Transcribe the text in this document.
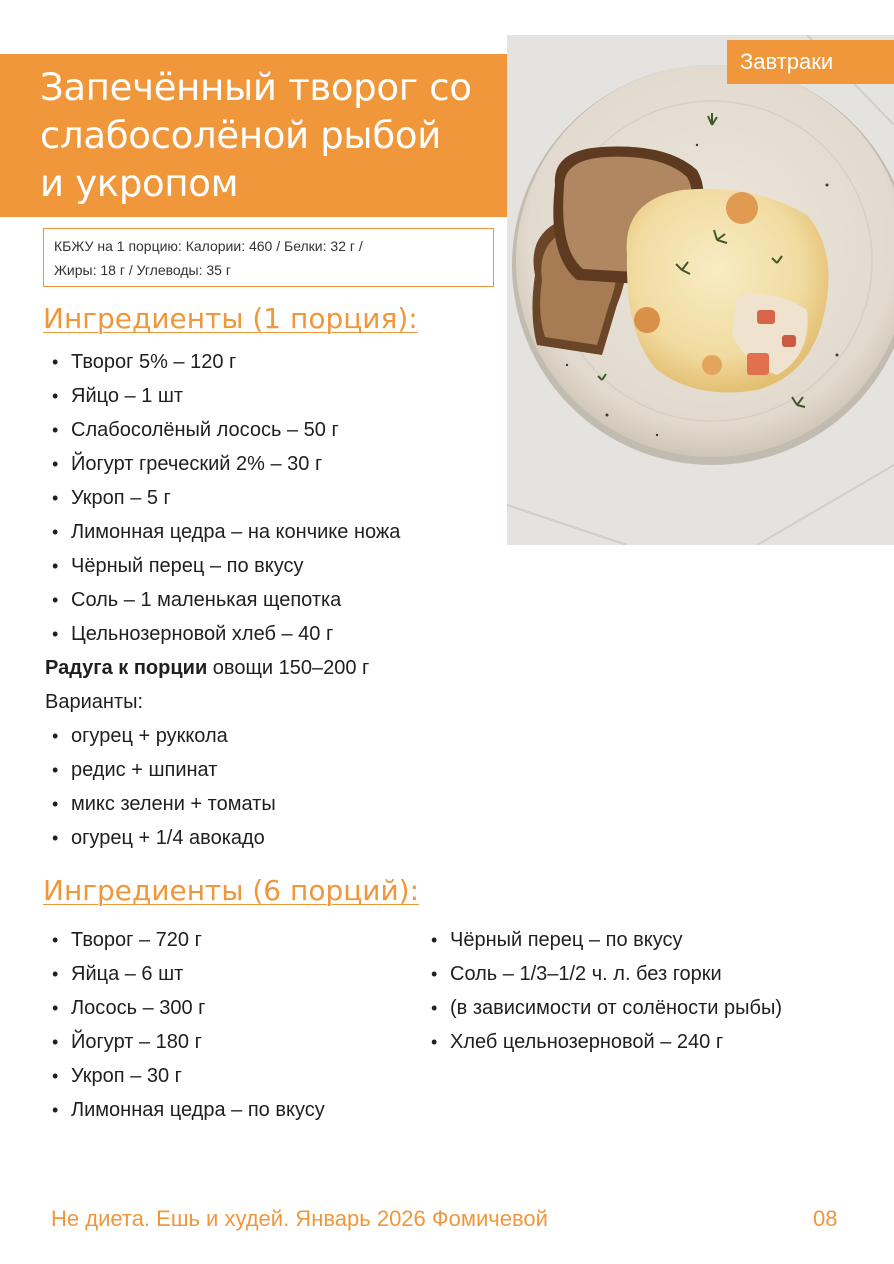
Запечённый творог со
слабосолёной рыбой
и укропом
КБЖУ на 1 порцию: Калории: 460 / Белки: 32 г /
Жиры: 18 г / Углеводы: 35 г
Завтраки
Ингредиенты (1 порция):
• Творог 5% – 120 г
• Яйцо – 1 шт
• Слабосолёный лосось – 50 г
• Йогурт греческий 2% – 30 г
• Укроп – 5 г
• Лимонная цедра – на кончике ножа
• Чёрный перец – по вкусу
• Соль – 1 маленькая щепотка
• Цельнозерновой хлеб – 40 г
Радуга к порции овощи 150–200 г
Варианты:
• огурец + руккола
• редис + шпинат
• микс зелени + томаты
• огурец + 1/4 авокадо
Ингредиенты (6 порций):
• Творог – 720 г
• Яйца – 6 шт
• Лосось – 300 г
• Йогурт – 180 г
• Укроп – 30 г
• Лимонная цедра – по вкусу
• Чёрный перец – по вкусу
• Соль – 1/3–1/2 ч. л. без горки
• (в зависимости от солёности рыбы)
• Хлеб цельнозерновой – 240 г
Не диета. Ешь и худей. Январь 2026 Фомичевой	08
